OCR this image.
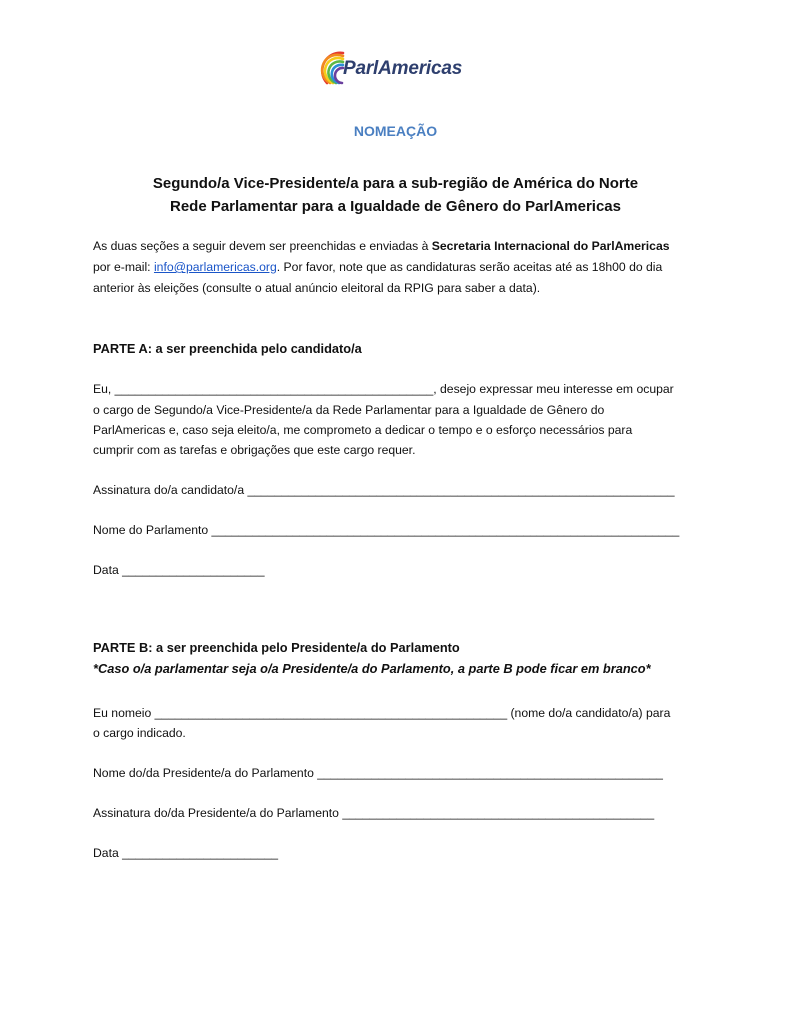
ParlAmericas
NOMEAÇÃO
Segundo/a Vice-Presidente/a para a sub-região de América do Norte
Rede Parlamentar para a Igualdade de Gênero do ParlAmericas
As duas seções a seguir devem ser preenchidas e enviadas à Secretaria Internacional do ParlAmericas
por e-mail: info@parlamericas.org. Por favor, note que as candidaturas serão aceitas até as 18h00 do dia
anterior às eleições (consulte o atual anúncio eleitoral da RPIG para saber a data).
PARTE A: a ser preenchida pelo candidato/a
Eu, _______________________________________________, desejo expressar meu interesse em ocupar
o cargo de Segundo/a Vice-Presidente/a da Rede Parlamentar para a Igualdade de Gênero do
ParlAmericas e, caso seja eleito/a, me comprometo a dedicar o tempo e o esforço necessários para
cumprir com as tarefas e obrigações que este cargo requer.
Assinatura do/a candidato/a _______________________________________________________________
Nome do Parlamento _____________________________________________________________________
Data _____________________
PARTE B: a ser preenchida pelo Presidente/a do Parlamento
*Caso o/a parlamentar seja o/a Presidente/a do Parlamento, a parte B pode ficar em branco*
Eu nomeio ____________________________________________________ (nome do/a candidato/a) para
o cargo indicado.
Nome do/da Presidente/a do Parlamento ___________________________________________________
Assinatura do/da Presidente/a do Parlamento ______________________________________________
Data _______________________
